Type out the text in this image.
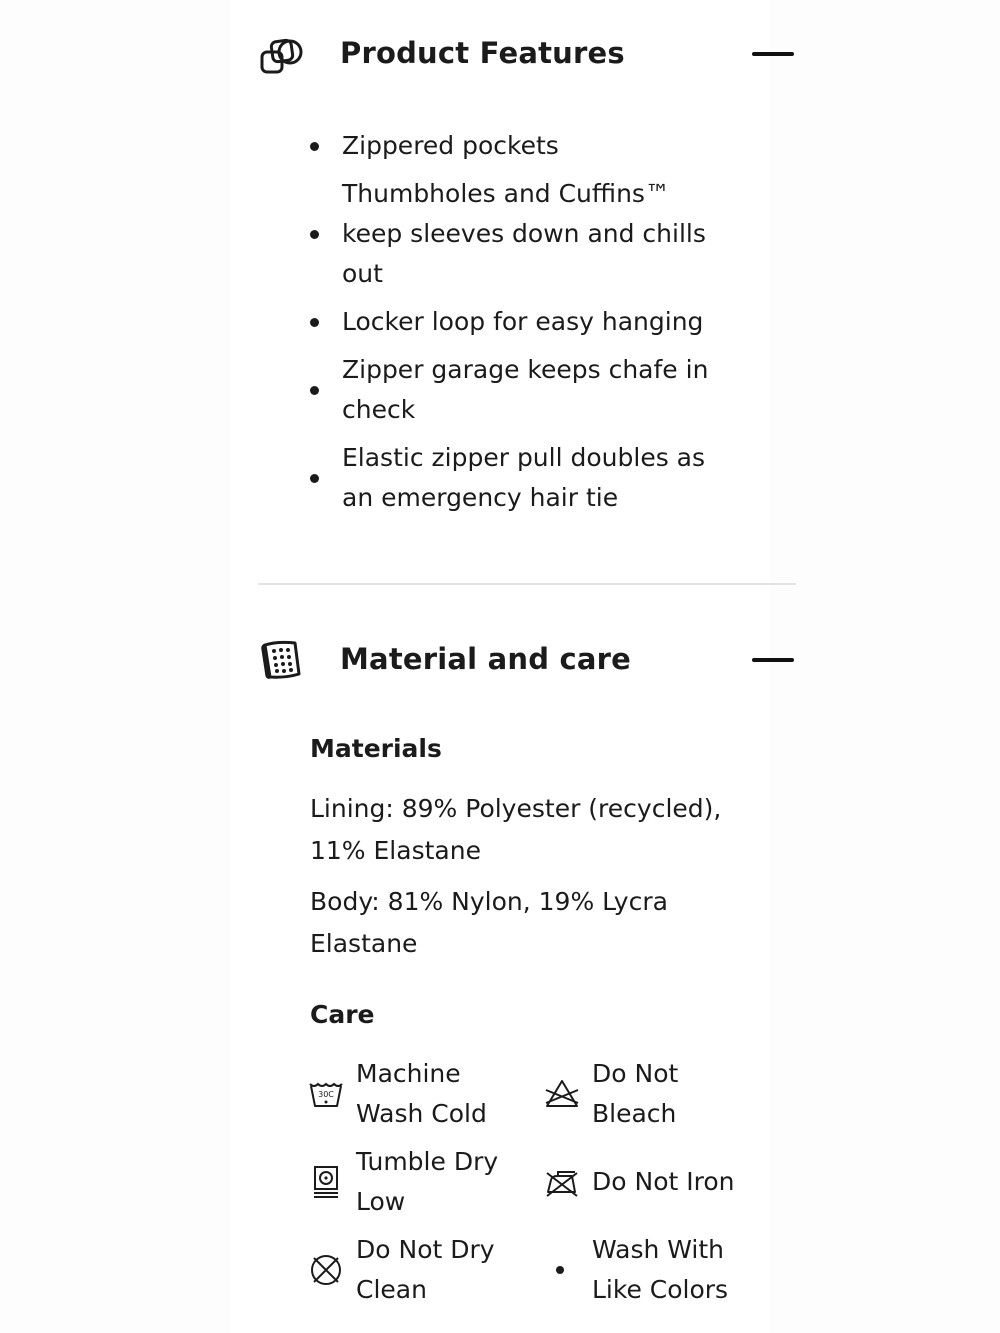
Product Features
Zippered pockets
Thumbholes and Cuffins™ keep sleeves down and chills out
Locker loop for easy hanging
Zipper garage keeps chafe in check
Elastic zipper pull doubles as an emergency hair tie
Material and care
Materials
Lining: 89% Polyester (recycled), 11% Elastane
Body: 81% Nylon, 19% Lycra Elastane
Care
30C
Machine Wash Cold
Do Not Bleach
Tumble Dry Low
Do Not Iron
Do Not Dry Clean
Wash With Like Colors
